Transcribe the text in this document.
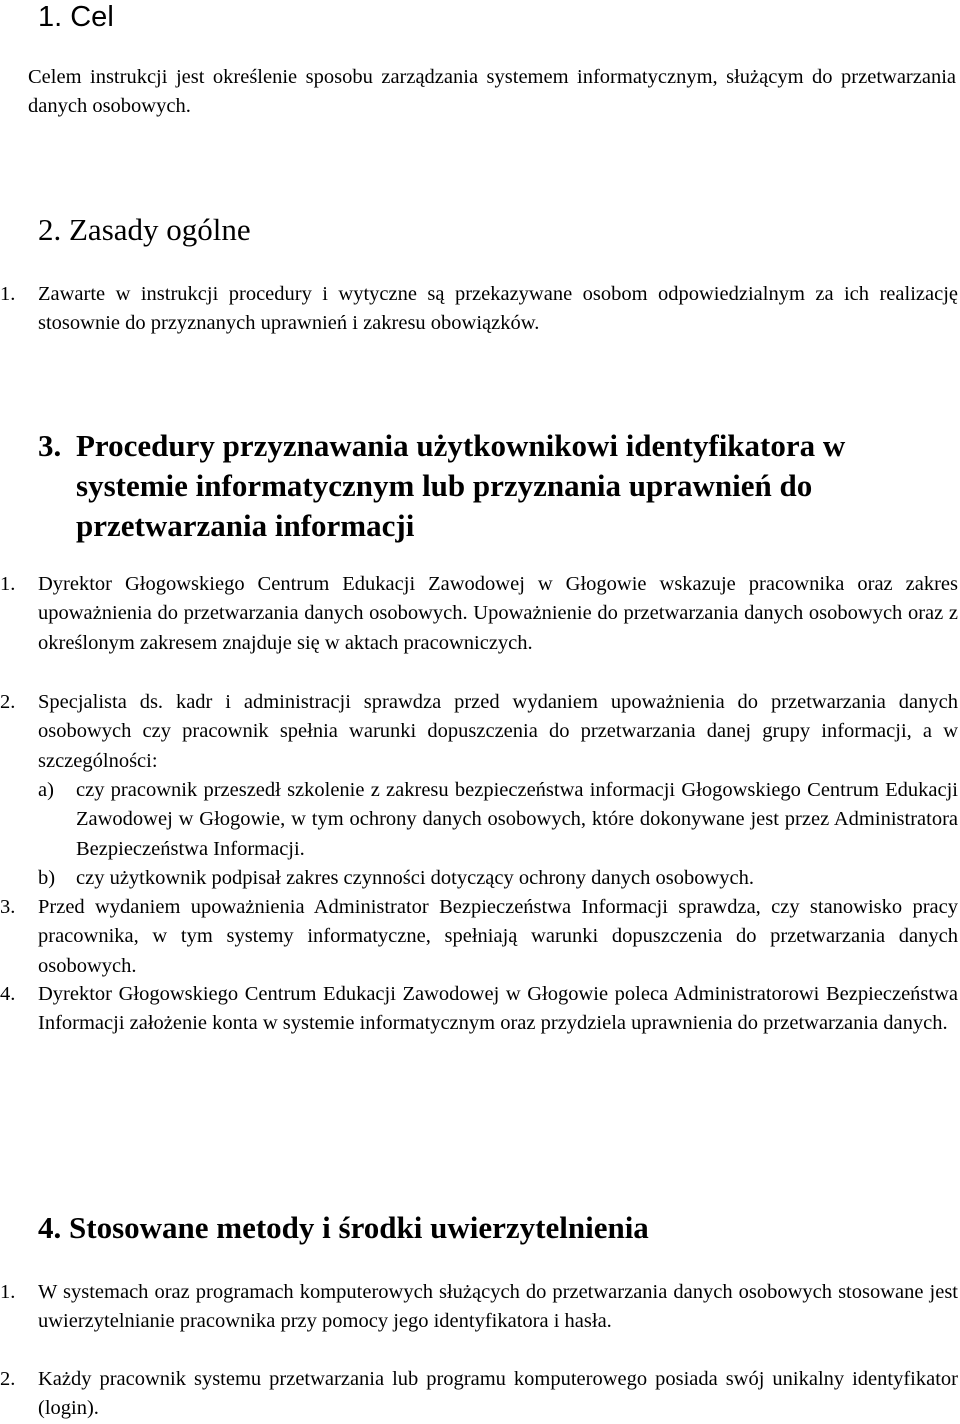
1. Cel

Celem instrukcji jest określenie sposobu zarządzania systemem informatycznym, służącym do przetwarzania danych osobowych.

2. Zasady ogólne
1. Zawarte w instrukcji procedury i wytyczne są przekazywane osobom odpowiedzialnym za ich realizację stosownie do przyznanych uprawnień i zakresu obowiązków.
3. Procedury przyznawania użytkownikowi identyfikatora w systemie informatycznym lub przyznania uprawnień do przetwarzania informacji
1. Dyrektor Głogowskiego Centrum Edukacji Zawodowej w Głogowie wskazuje pracownika oraz zakres upoważnienia do przetwarzania danych osobowych. Upoważnienie do przetwarzania danych osobowych oraz z określonym zakresem znajduje się w aktach pracowniczych.
2. Specjalista ds. kadr i administracji sprawdza przed wydaniem upoważnienia do przetwarzania danych osobowych czy pracownik spełnia warunki dopuszczenia do przetwarzania danej grupy informacji, a w szczególności:
a) czy pracownik przeszedł szkolenie z zakresu bezpieczeństwa informacji Głogowskiego Centrum Edukacji Zawodowej w Głogowie, w tym ochrony danych osobowych, które dokonywane jest przez Administratora Bezpieczeństwa Informacji.
b) czy użytkownik podpisał zakres czynności dotyczący ochrony danych osobowych.
3. Przed wydaniem upoważnienia Administrator Bezpieczeństwa Informacji sprawdza, czy stanowisko pracy pracownika, w tym systemy informatyczne, spełniają warunki dopuszczenia do przetwarzania danych osobowych.
4. Dyrektor Głogowskiego Centrum Edukacji Zawodowej w Głogowie poleca Administratorowi Bezpieczeństwa Informacji założenie konta w systemie informatycznym oraz przydziela uprawnienia do przetwarzania danych.
4. Stosowane metody i środki uwierzytelnienia
1. W systemach oraz programach komputerowych służących do przetwarzania danych osobowych stosowane jest uwierzytelnianie pracownika przy pomocy jego identyfikatora i hasła.
2. Każdy pracownik systemu przetwarzania lub programu komputerowego posiada swój unikalny identyfikator (login).
